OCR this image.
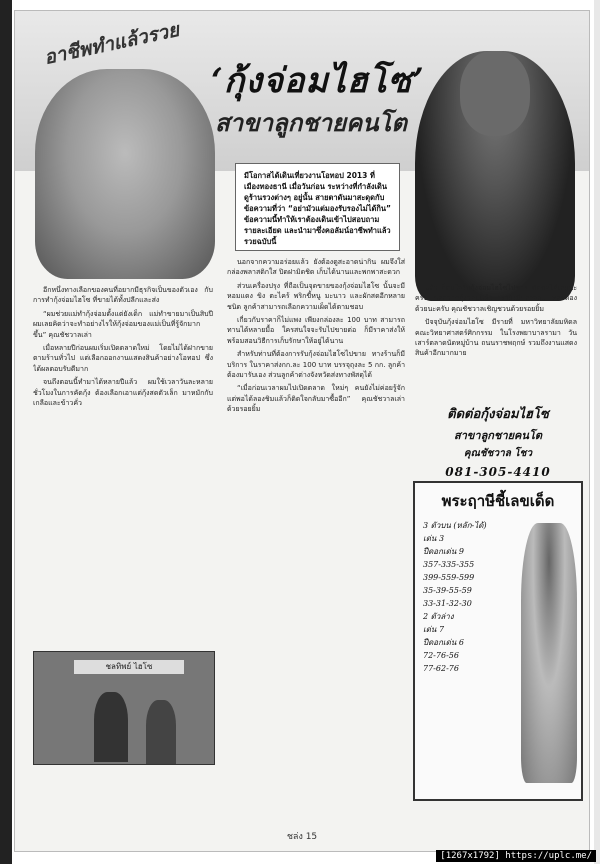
อาชีพทำแล้วรวย
‘กุ้งจ่อมไฮโซ’
สาขาลูกชายคนโต
มีโอกาสได้เดินเที่ยวงานโอทอป 2013 ที่เมืองทองธานี เมื่อวันก่อน ระหว่างที่กำลังเดินดูร้านรวงต่างๆ อยู่นั้น สายตาดันมาสะดุดกับข้อความที่ว่า “อย่ามัวแต่มองรับรองไม่ได้กิน” ข้อความนี้ทำให้เราต้องเดินเข้าไปสอบถามรายละเอียด และนำมาซึ่งคอลัมน์อาชีพทำแล้วรวยฉบับนี้

อีกหนึ่งทางเลือกของคนที่อยากมีธุรกิจเป็นของตัวเอง กับการทำกุ้งจ่อมไฮโซ ที่ขายได้ทั้งปลีกและส่ง

“ผมช่วยแม่ทำกุ้งจ่อมตั้งแต่ยังเด็ก แม่ทำขายมาเป็นสิบปี ผมเลยคิดว่าจะทำอย่างไรให้กุ้งจ่อมของแม่เป็นที่รู้จักมากขึ้น” คุณชัชวาลเล่า

เมื่อหลายปีก่อนผมเริ่มเปิดตลาดใหม่ โดยไม่ได้ฝากขายตามร้านทั่วไป แต่เลือกออกงานแสดงสินค้าอย่างโอทอป ซึ่งได้ผลตอบรับดีมาก

จนถึงตอนนี้ทำมาได้หลายปีแล้ว ผมใช้เวลาวันละหลายชั่วโมงในการคัดกุ้ง ต้องเลือกเอาแต่กุ้งสดตัวเล็ก มาหมักกับเกลือและข้าวคั่ว

ชลทิพย์ ไฮโซ

นอกจากความอร่อยแล้ว ยังต้องดูสะอาดน่ากิน ผมจึงใส่กล่องพลาสติกใส ปิดฝามิดชิด เก็บได้นานและพกพาสะดวก

ส่วนเครื่องปรุง ที่ถือเป็นจุดขายของกุ้งจ่อมไฮโซ นั้นจะมีหอมแดง ขิง ตะไคร้ พริกขี้หนู มะนาว และผักสดอีกหลายชนิด ลูกค้าสามารถเลือกความเผ็ดได้ตามชอบ

เกี่ยวกับราคาก็ไม่แพง เพียงกล่องละ 100 บาท สามารถทานได้หลายมื้อ ใครสนใจจะรับไปขายต่อ ก็มีราคาส่งให้ พร้อมสอนวิธีการเก็บรักษาให้อยู่ได้นาน

สำหรับท่านที่ต้องการรับกุ้งจ่อมไฮโซไปขาย ทางร้านก็มีบริการ ในราคาส่งกก.ละ 100 บาท บรรจุถุงละ 5 กก. ลูกค้าต้องมารับเอง ส่วนลูกค้าต่างจังหวัดส่งทางพัสดุได้

“เมื่อก่อนเวลาผมไปเปิดตลาด ใหม่ๆ คนยังไม่ค่อยรู้จัก แต่พอได้ลองชิมแล้วก็ติดใจกลับมาซื้ออีก” คุณชัชวาลเล่าด้วยรอยยิ้ม

แล้ว ก็สนใจรับกุ้งจ่อมไฮโซไปขาย ติดต่อได้เลยนะครับ นอกจากกุ้งจ่อมแล้ว เรายังมีปลาจ่อม หอยดอง ด้วยนะครับ คุณชัชวาลเชิญชวนด้วยรอยยิ้ม

ปัจจุบันกุ้งจ่อมไฮโซ มีรายที่ มหาวิทยาลัยมหิดล คณะวิทยาศาสตร์ศิกกรรม ในโรงพยาบาลรามา วันเสาร์ตลาดนัดหมู่บ้าน ถนนราชพฤกษ์ รวมถึงงานแสดงสินค้าอีกมากมาย

ติดต่อกุ้งจ่อมไฮโซ
สาขาลูกชายคนโต
คุณชัชวาล โชว
081-305-4410
พระฤาษีชี้เลขเด็ด
3 ตัวบน (หลัก-ได้)
เด่น 3
ปืดอกเด่น 9
357-335-355
399-559-599
35-39-55-59
33-31-32-30
2 ตัวล่าง
เด่น 7
ปืดอกเด่น 6
72-76-56
77-62-76
ชล่ง 15
[1267x1792] https://uplc.me/
